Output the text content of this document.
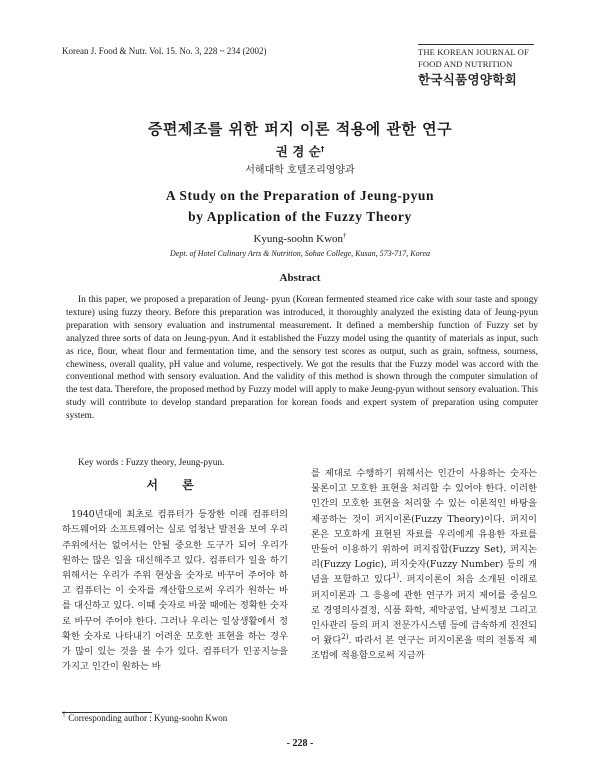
Korean J. Food & Nutr. Vol. 15. No. 3, 228 ~ 234 (2002)	THE KOREAN JOURNAL OF
FOOD AND NUTRITION
한국식품영양학회
증편제조를 위한 퍼지 이론 적용에 관한 연구
권 경 순†
서해대학 호텔조리영양과
A Study on the Preparation of Jeung-pyun
by Application of the Fuzzy Theory
Kyung-soohn Kwon†
Dept. of Hotel Culinary Arts & Nutrition, Sohae College, Kusan, 573-717, Korea
Abstract
In this paper, we proposed a preparation of Jeung- pyun (Korean fermented steamed rice cake with sour taste and spongy texture) using fuzzy theory. Before this preparation was introduced, it thoroughly analyzed the existing data of Jeung-pyun preparation with sensory evaluation and instrumental measurement. It defined a membership function of Fuzzy set by analyzed three sorts of data on Jeung-pyun. And it established the Fuzzy model using the quantity of materials as input, such as rice, flour, wheat flour and fermentation time, and the sensory test scores as output, such as grain, softness, sourness, chewiness, overall quality, pH value and volume, respectively. We got the results that the Fuzzy model was accord with the conventional method with sensory evaluation. And the validity of this method is shown through the computer simulation of the test data. Therefore, the proposed method by Fuzzy model will apply to make Jeung-pyun without sensory evaluation. This study will contribute to develop standard preparation for korean foods and expert system of preparation using computer system.
Key words : Fuzzy theory, Jeung-pyun.
서 론

1940년대에 최초로 컴퓨터가 등장한 이래 컴퓨터의 하드웨어와 소프트웨어는 실로 엄청난 발전을 보여 우리 주위에서는 없어서는 안될 중요한 도구가 되어 우리가 원하는 많은 일을 대신해주고 있다. 컴퓨터가 일을 하기 위해서는 우리가 주위 현상을 숫자로 바꾸어 주어야 하고 컴퓨터는 이 숫자를 계산함으로써 우리가 원하는 바를 대신하고 있다. 이때 숫자로 바꿀 때에는 정확한 숫자로 바꾸어 주어야 한다. 그러나 우리는 일상생활에서 정확한 숫자로 나타내기 어려운 모호한 표현을 하는 경우가 많이 있는 것을 볼 수가 있다. 컴퓨터가 인공지능을 가지고 인간이 원하는 바

를 제대로 수행하기 위해서는 인간이 사용하는 숫자는 물론이고 모호한 표현을 처리할 수 있어야 한다. 이러한 인간의 모호한 표현을 처리할 수 있는 이론적인 바탕을 제공하는 것이 퍼지이론(Fuzzy Theory)이다. 퍼지이론은 모호하게 표현된 자료를 우리에게 유용한 자료를 만들어 이용하기 위하여 퍼지집합(Fuzzy Set), 퍼지논리(Fuzzy Logic), 퍼지숫자(Fuzzy Number) 등의 개념을 포함하고 있다$^{1)}$. 퍼지이론이 처음 소개된 이래로 퍼지이론과 그 응용에 관한 연구가 퍼지 제어를 중심으로 경영의사결정, 식품 화학, 제약공업, 날씨정보 그리고 인사관리 등의 퍼지 전문가시스템 등에 급속하게 진전되어 왔다$^{2)}$. 따라서 본 연구는 퍼지이론을 떡의 전통적 제조법에 적용함으로써 지금까

† Corresponding author : Kyung-soohn Kwon
- 228 -
